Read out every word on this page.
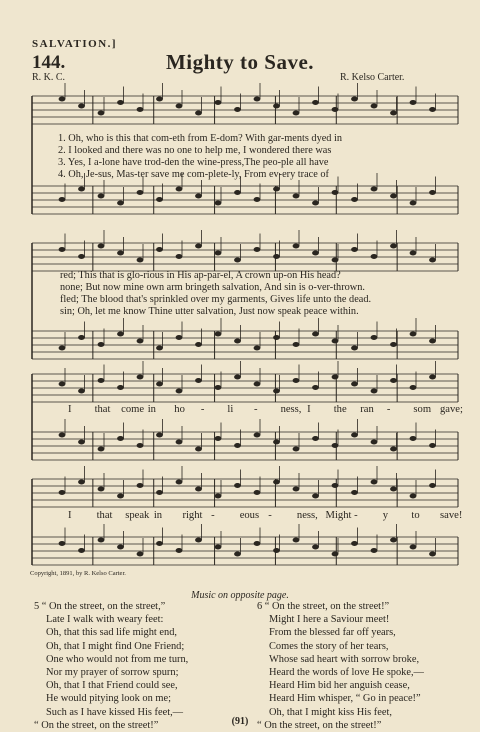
SALVATION.]
144.	Mighty to Save.
R. K. C.	R. Kelso Carter.
1. Oh, who is this that com-eth from E-dom? With gar-ments dyed in
2. I looked and there was no one to help me, I wondered there was
3. Yes, I a-lone have trod-den the wine-press,The peo-ple all have
4. Oh, Je-sus, Mas-ter save me com-plete-ly, From ev-ery trace of
red; This that is glo-rious in His ap-par-el, A crown up-on His head?
none; But now mine own arm bringeth salvation, And sin is o-ver-thrown.
fled; The blood that's sprinkled over my garments, Gives life unto the dead.
sin; Oh, let me know Thine utter salvation, Just now speak peace within.
I that come in ho - li - ness, I the ran - som gave;
I that speak in right - eous - ness, Might - y to save!
Copyright, 1891, by R. Kelso Carter.
Music on opposite page.
5 “ On the street, on the street,”
Late I walk with weary feet:
Oh, that this sad life might end,
Oh, that I might find One Friend;
One who would not from me turn,
Nor my prayer of sorrow spurn;
Oh, that I that Friend could see,
He would pitying look on me;
Such as I have kissed His feet,—
“ On the street, on the street!”
6 “ On the street, on the street!”
Might I here a Saviour meet!
From the blessed far off years,
Comes the story of her tears,
Whose sad heart with sorrow broke,
Heard the words of love He spoke,—
Heard Him bid her anguish cease,
Heard Him whisper, “ Go in peace!”
Oh, that I might kiss His feet,
“ On the street, on the street!”
(91)
